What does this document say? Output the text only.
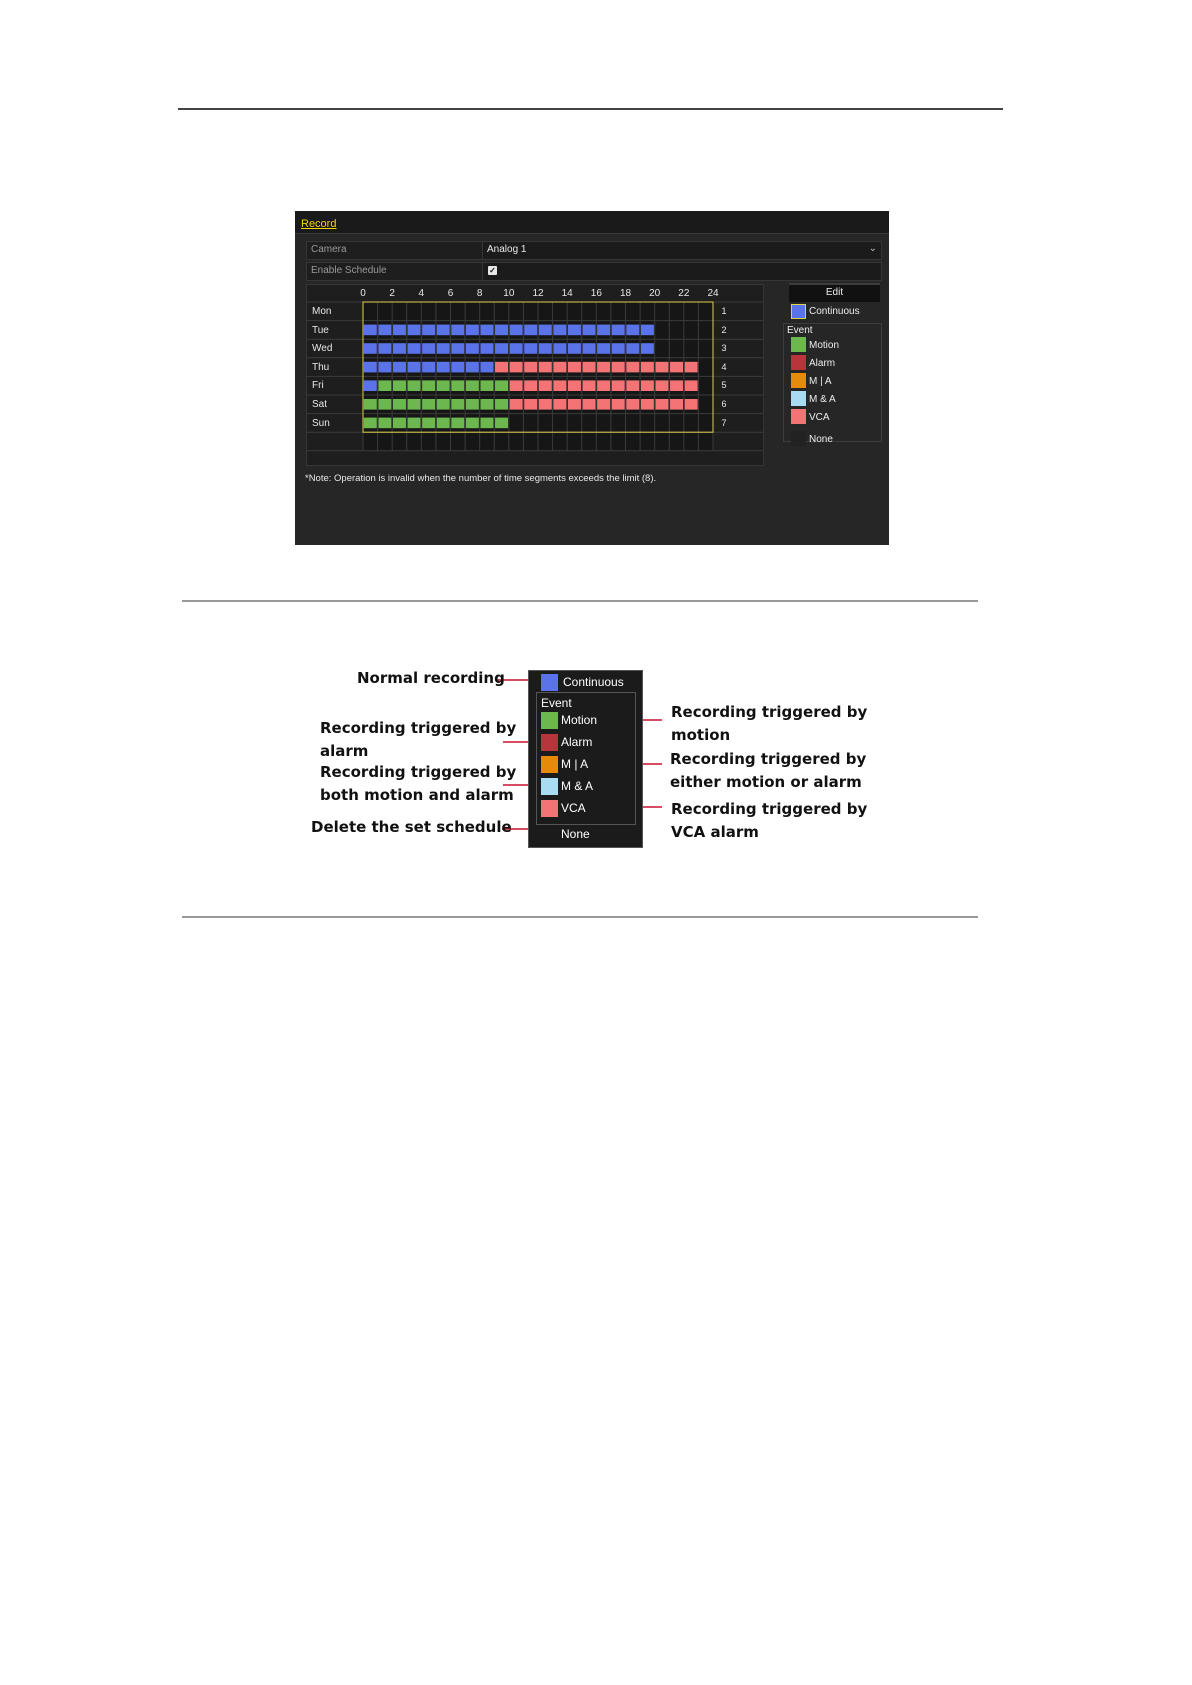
Record
Camera	Analog 1	⌄
Enable Schedule	✓
0 2 4 6 8 10 12 14 16 18 20 22 24
Mon	1
Tue	2
Wed	3
Thu	4
Fri	5
Sat	6
Sun	7
Edit
Continuous
Event
Motion
Alarm
M | A
M & A
VCA
None
*Note: Operation is invalid when the number of time segments exceeds the limit (8).
Continuous
Event
Motion
Alarm
M | A
M & A
VCA
None
Normal recording
Recording triggered by
alarm
Recording triggered by
both motion and alarm
Delete the set schedule
Recording triggered by
motion
Recording triggered by
either motion or alarm
Recording triggered by
VCA alarm
